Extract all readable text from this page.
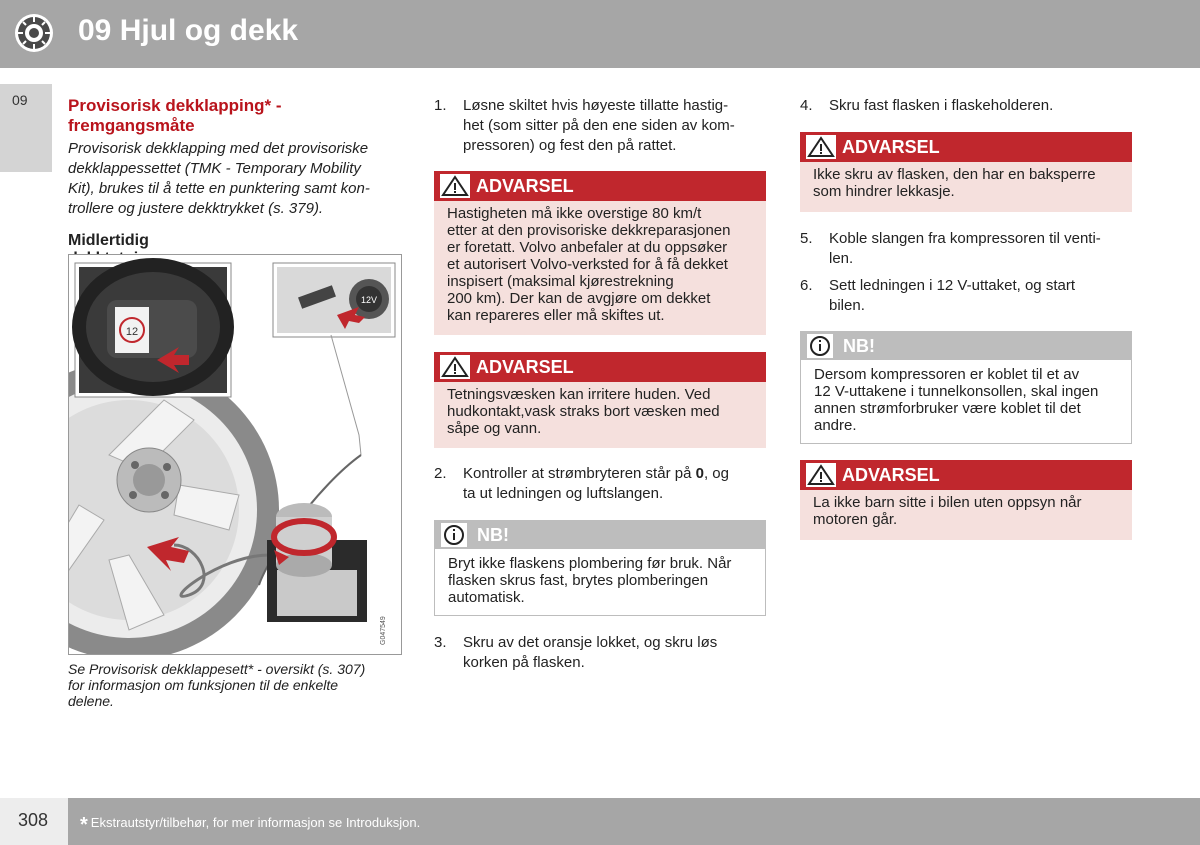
09 Hjul og dekk
09 Provisorisk dekklapping* -
fremgangsmåte
Provisorisk dekklapping med det provisoriske
dekklappessettet (TMK - Temporary Mobility
Kit), brukes til å tette en punktering samt kon-
trollere og justere dekktrykket (s. 379).
Midlertidig
12
12V
G047549
Se Provisorisk dekklappesett* - oversikt (s. 307)
for informasjon om funksjonen til de enkelte
delene.
1. Løsne skiltet hvis høyeste tillatte hastig-
het (som sitter på den ene siden av kom-
pressoren) og fest den på rattet.
ADVARSEL
Hastigheten må ikke overstige 80 km/t
etter at den provisoriske dekkreparasjonen
er foretatt. Volvo anbefaler at du oppsøker
et autorisert Volvo-verksted for å få dekket
inspisert (maksimal kjørestrekning
200 km). Der kan de avgjøre om dekket
kan repareres eller må skiftes ut.
ADVARSEL
Tetningsvæsken kan irritere huden. Ved
hudkontakt,vask straks bort væsken med
såpe og vann.
2. Kontroller at strømbryteren står på 0, og
ta ut ledningen og luftslangen.
NB!
Bryt ikke flaskens plombering før bruk. Når
flasken skrus fast, brytes plomberingen
automatisk.
3. Skru av det oransje lokket, og skru løs
korken på flasken.
4. Skru fast flasken i flaskeholderen.
ADVARSEL
Ikke skru av flasken, den har en baksperre
som hindrer lekkasje.
5. Koble slangen fra kompressoren til venti-
len.
6. Sett ledningen i 12 V-uttaket, og start
bilen.
NB!
Dersom kompressoren er koblet til et av
12 V-uttakene i tunnelkonsollen, skal ingen
annen strømforbruker være koblet til det
andre.
ADVARSEL
La ikke barn sitte i bilen uten oppsyn når
motoren går.
308 * Ekstrautstyr/tilbehør, for mer informasjon se Introduksjon.
